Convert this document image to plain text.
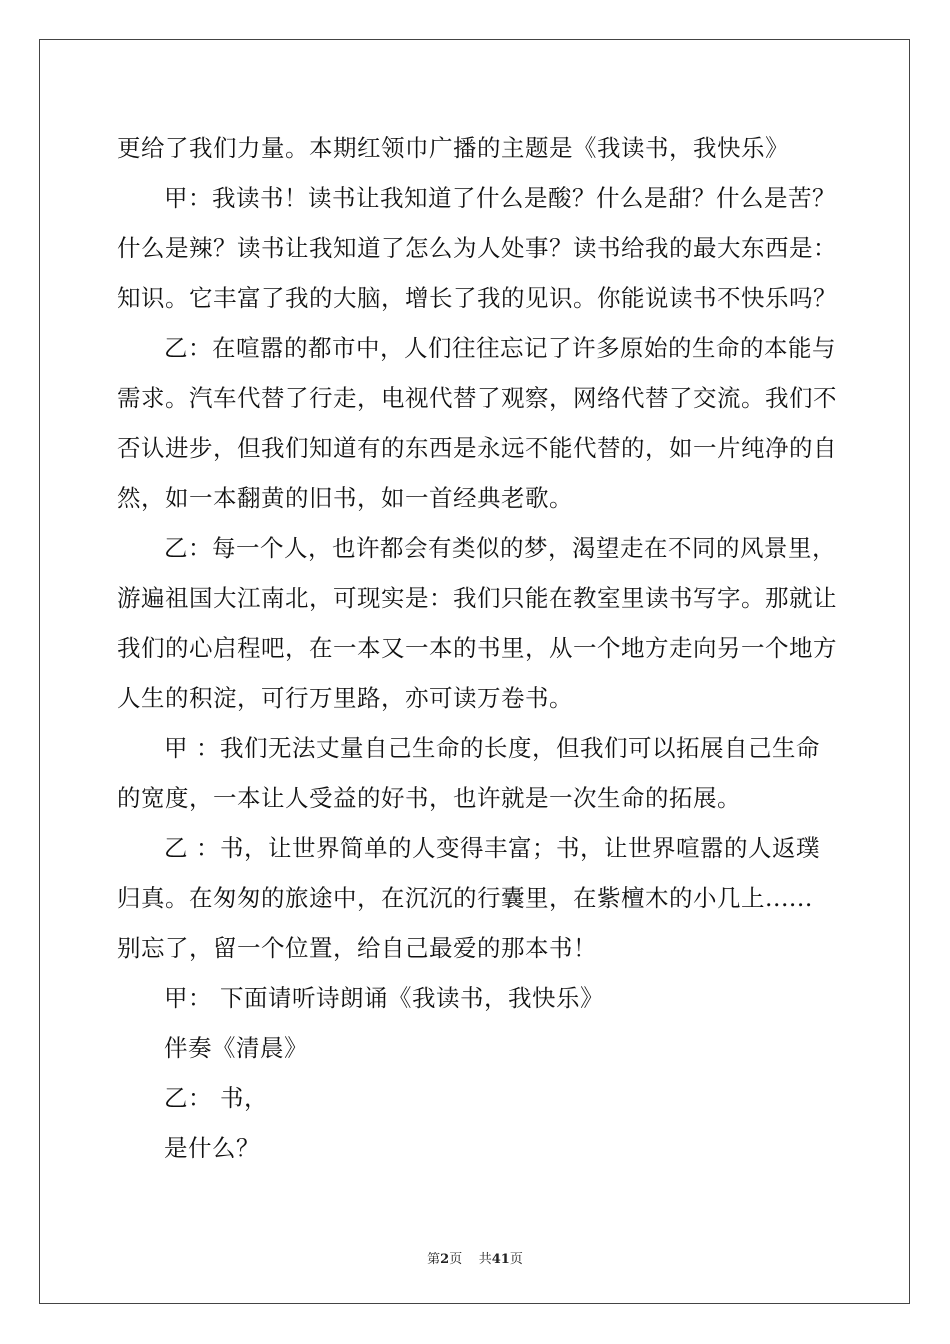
更给了我们力量。本期红领巾广播的主题是《我读书，我快乐》
甲：我读书！读书让我知道了什么是酸？什么是甜？什么是苦？
什么是辣？读书让我知道了怎么为人处事？读书给我的最大东西是：
知识。它丰富了我的大脑，增长了我的见识。你能说读书不快乐吗？
乙：在喧嚣的都市中，人们往往忘记了许多原始的生命的本能与
需求。汽车代替了行走，电视代替了观察，网络代替了交流。我们不
否认进步，但我们知道有的东西是永远不能代替的，如一片纯净的自
然，如一本翻黄的旧书，如一首经典老歌。
乙：每一个人，也许都会有类似的梦，渴望走在不同的风景里，
游遍祖国大江南北，可现实是：我们只能在教室里读书写字。那就让
我们的心启程吧，在一本又一本的书里，从一个地方走向另一个地方
人生的积淀，可行万里路，亦可读万卷书。
甲 ：我们无法丈量自己生命的长度，但我们可以拓展自己生命
的宽度，一本让人受益的好书，也许就是一次生命的拓展。
乙 ：书，让世界简单的人变得丰富；书，让世界喧嚣的人返璞
归真。在匆匆的旅途中，在沉沉的行囊里，在紫檀木的小几上......
别忘了，留一个位置，给自己最爱的那本书！
甲： 下面请听诗朗诵《我读书，我快乐》
伴奏《清晨》
乙： 书，
是什么？
第2页 共41页
